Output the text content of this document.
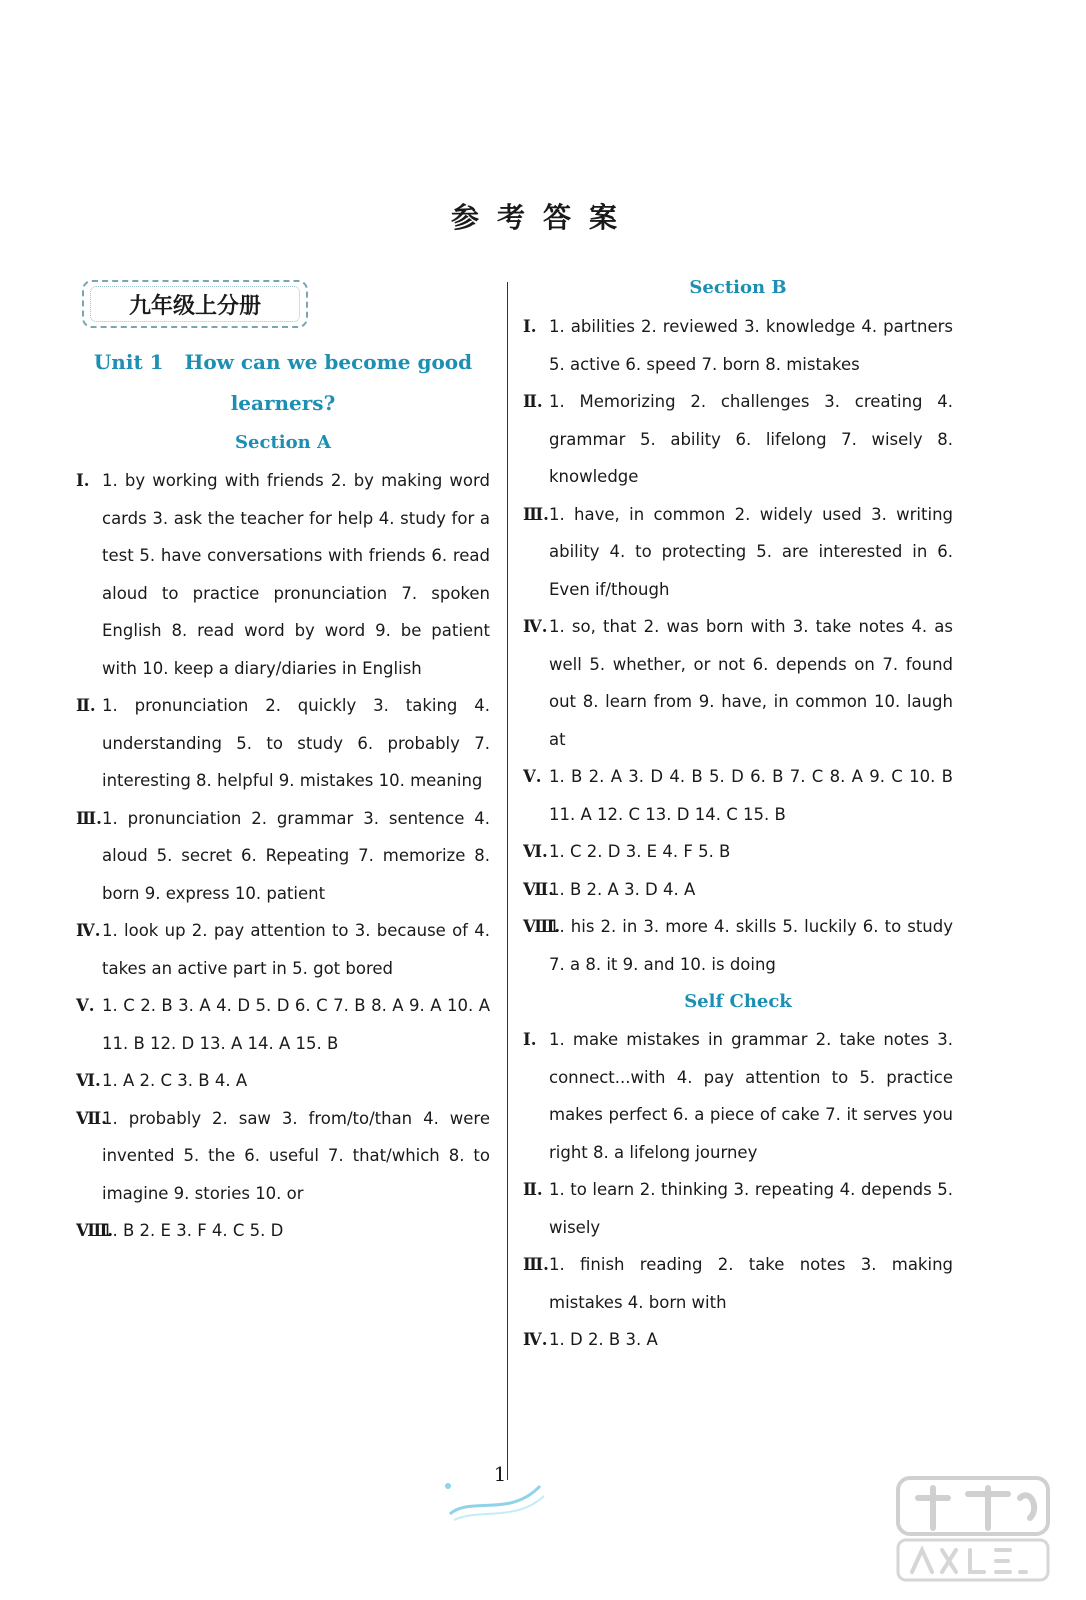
参考答案
九年级上分册
Unit 1   How can we become good
learners?
Section A
Ⅰ. 1. by working with friends 2. by making word cards 3. ask the teacher for help 4. study for a test 5. have conversations with friends 6. read aloud to practice pronunciation 7. spoken English 8. read word by word 9. be patient with 10. keep a diary/diaries in English
Ⅱ. 1. pronunciation 2. quickly 3. taking 4. understanding 5. to study 6. probably 7. interesting 8. helpful 9. mistakes 10. meaning
Ⅲ. 1. pronunciation 2. grammar 3. sentence 4. aloud 5. secret 6. Repeating 7. memorize 8. born 9. express 10. patient
Ⅳ. 1. look up 2. pay attention to 3. because of 4. takes an active part in 5. got bored
Ⅴ. 1. C 2. B 3. A 4. D 5. D 6. C 7. B 8. A 9. A 10. A 11. B 12. D 13. A 14. A 15. B
Ⅵ. 1. A 2. C 3. B 4. A
Ⅶ.
1. probably 2. saw 3. from/to/than 4. were invented 5. the 6. useful 7. that/which 8. to imagine 9. stories 10. or
Ⅷ.
1. B 2. E 3. F 4. C 5. D
Section B
Ⅰ. 1. abilities 2. reviewed 3. knowledge 4. partners 5. active 6. speed 7. born 8. mistakes
Ⅱ. 1. Memorizing 2. challenges 3. creating 4. grammar 5. ability 6. lifelong 7. wisely 8. knowledge
Ⅲ. 1. have, in common 2. widely used 3. writing ability 4. to protecting 5. are interested in 6. Even if/though
Ⅳ. 1. so, that 2. was born with 3. take notes 4. as well 5. whether, or not 6. depends on 7. found out 8. learn from 9. have, in common 10. laugh at
Ⅴ. 1. B 2. A 3. D 4. B 5. D 6. B 7. C 8. A 9. C 10. B 11. A 12. C 13. D 14. C 15. B
Ⅵ. 1. C 2. D 3. E 4. F 5. B
Ⅶ.
1. B 2. A 3. D 4. A
Ⅷ.
1. his 2. in 3. more 4. skills 5. luckily 6. to study 7. a 8. it 9. and 10. is doing
Self Check
Ⅰ. 1. make mistakes in grammar 2. take notes 3. connect...with 4. pay attention to 5. practice makes perfect 6. a piece of cake 7. it serves you right 8. a lifelong journey
Ⅱ. 1. to learn 2. thinking 3. repeating 4. depends 5. wisely
Ⅲ. 1. finish reading 2. take notes 3. making mistakes 4. born with
Ⅳ. 1. D 2. B 3. A
1
